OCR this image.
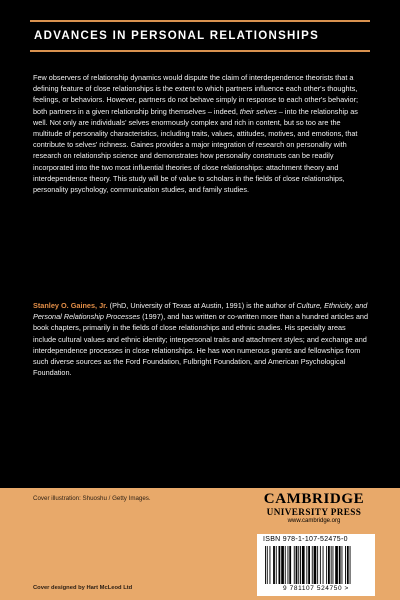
ADVANCES IN PERSONAL RELATIONSHIPS

Few observers of relationship dynamics would dispute the claim of interdependence theorists that a defining feature of close relationships is the extent to which partners influence each other's thoughts, feelings, or behaviors. However, partners do not behave simply in response to each other's behavior; both partners in a given relationship bring themselves – indeed, their selves – into the relationship as well. Not only are individuals' selves enormously complex and rich in content, but so too are the multitude of personality characteristics, including traits, values, attitudes, motives, and emotions, that contribute to selves' richness. Gaines provides a major integration of research on personality with research on relationship science and demonstrates how personality constructs can be readily incorporated into the two most influential theories of close relationships: attachment theory and interdependence theory. This study will be of value to scholars in the fields of close relationships, personality psychology, communication studies, and family studies.

Stanley O. Gaines, Jr. (PhD, University of Texas at Austin, 1991) is the author of Culture, Ethnicity, and Personal Relationship Processes (1997), and has written or co-written more than a hundred articles and book chapters, primarily in the fields of close relationships and ethnic studies. His specialty areas include cultural values and ethnic identity; interpersonal traits and attachment styles; and exchange and interdependence processes in close relationships. He has won numerous grants and fellowships from such diverse sources as the Ford Foundation, Fulbright Foundation, and American Psychological Foundation.

Cover illustration: Shuoshu / Getty Images.
Cover designed by Hart McLeod Ltd
CAMBRIDGE
UNIVERSITY PRESS
www.cambridge.org
ISBN 978-1-107-52475-0
9 781107 524750 >
